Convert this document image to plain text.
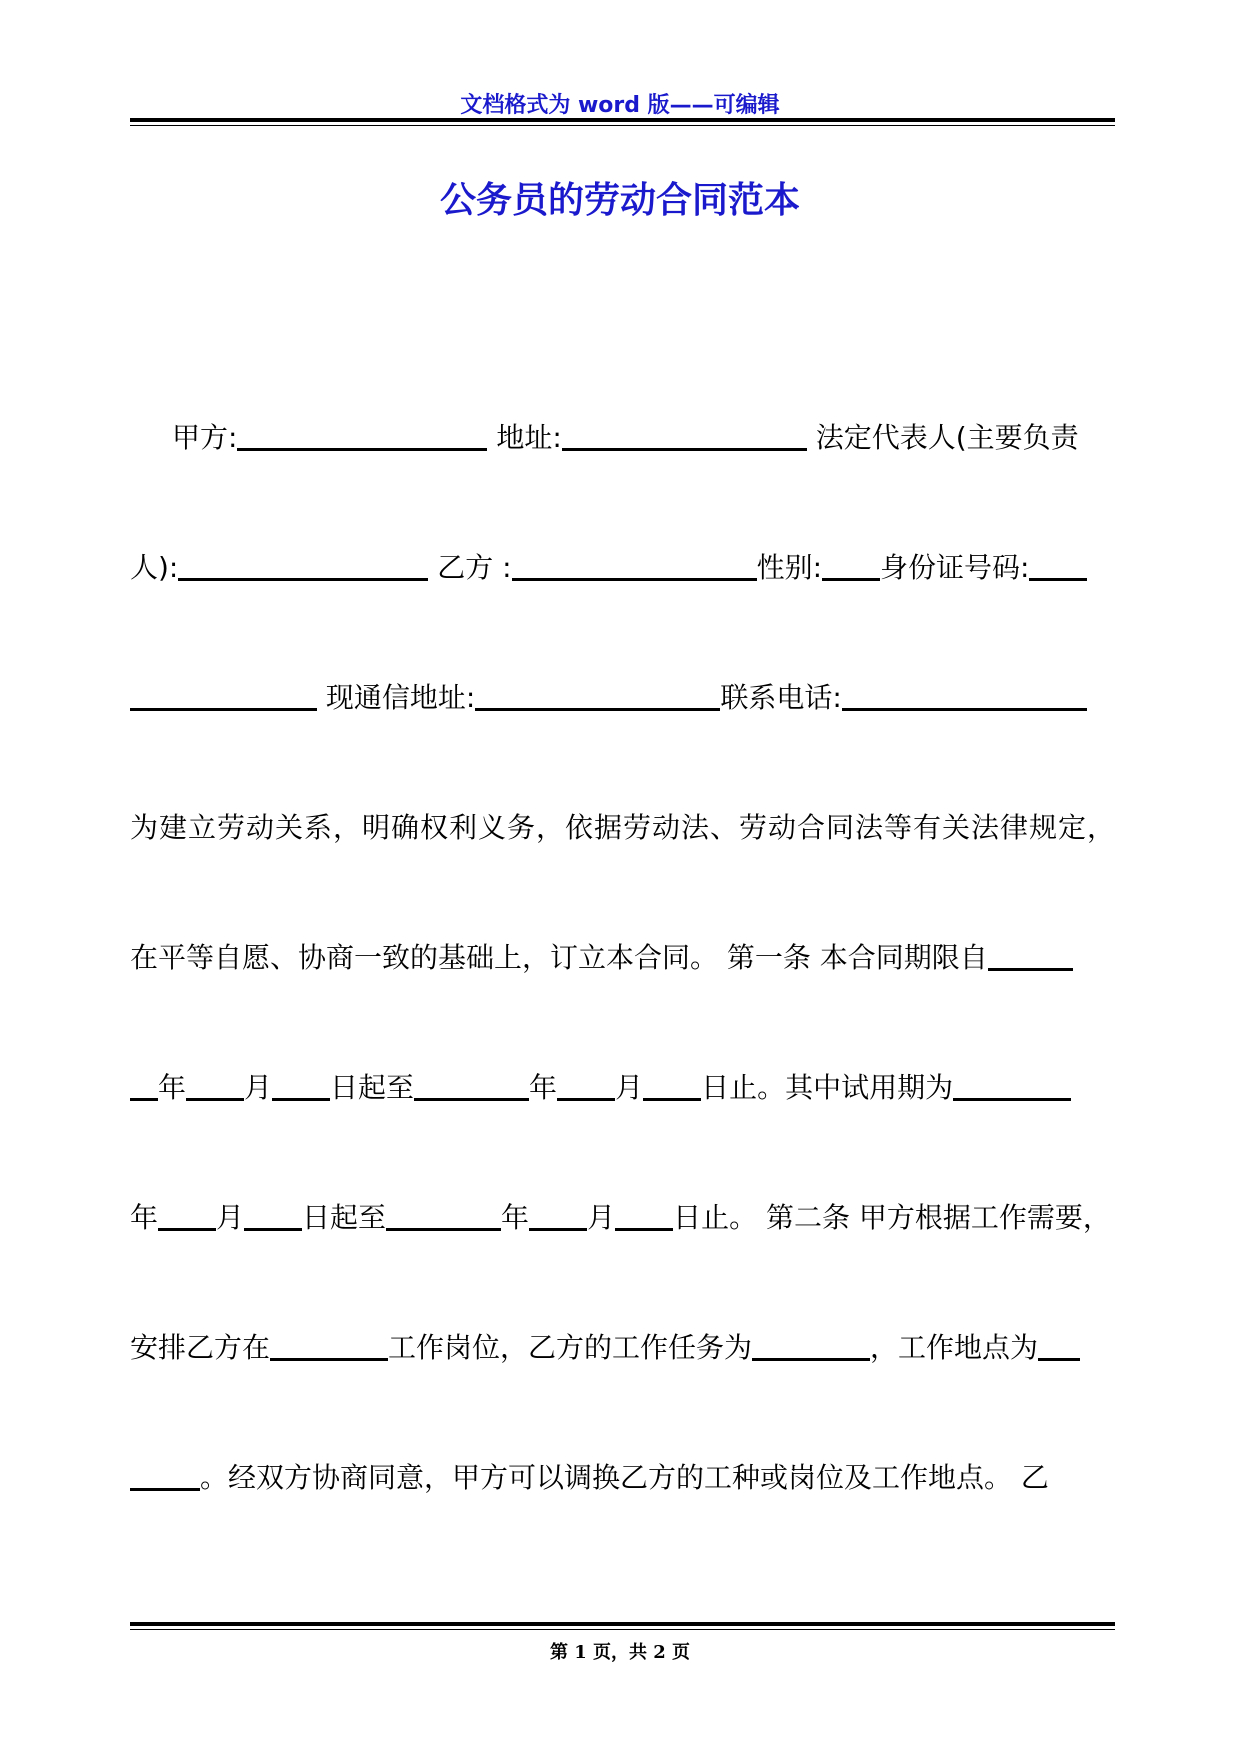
文档格式为 word 版——可编辑
公务员的劳动合同范本
甲方:	地址:	法定代表人(主要负责
人):	乙方 :	性别: 身份证号码:
现通信地址:	联系电话:
为建立劳动关系，明确权利义务，依据劳动法、劳动合同法等有关法律规定，
在平等自愿、协商一致的基础上，订立本合同。 第一条 本合同期限自
年 月 日起至	年 月 日止。其中试用期为
年 月 日起至	年 月 日止。 第二条 甲方根据工作需要，
安排乙方在	工作岗位，乙方的工作任务为	，工作地点为
。经双方协商同意，甲方可以调换乙方的工种或岗位及工作地点。 乙
第 1 页，共 2 页
